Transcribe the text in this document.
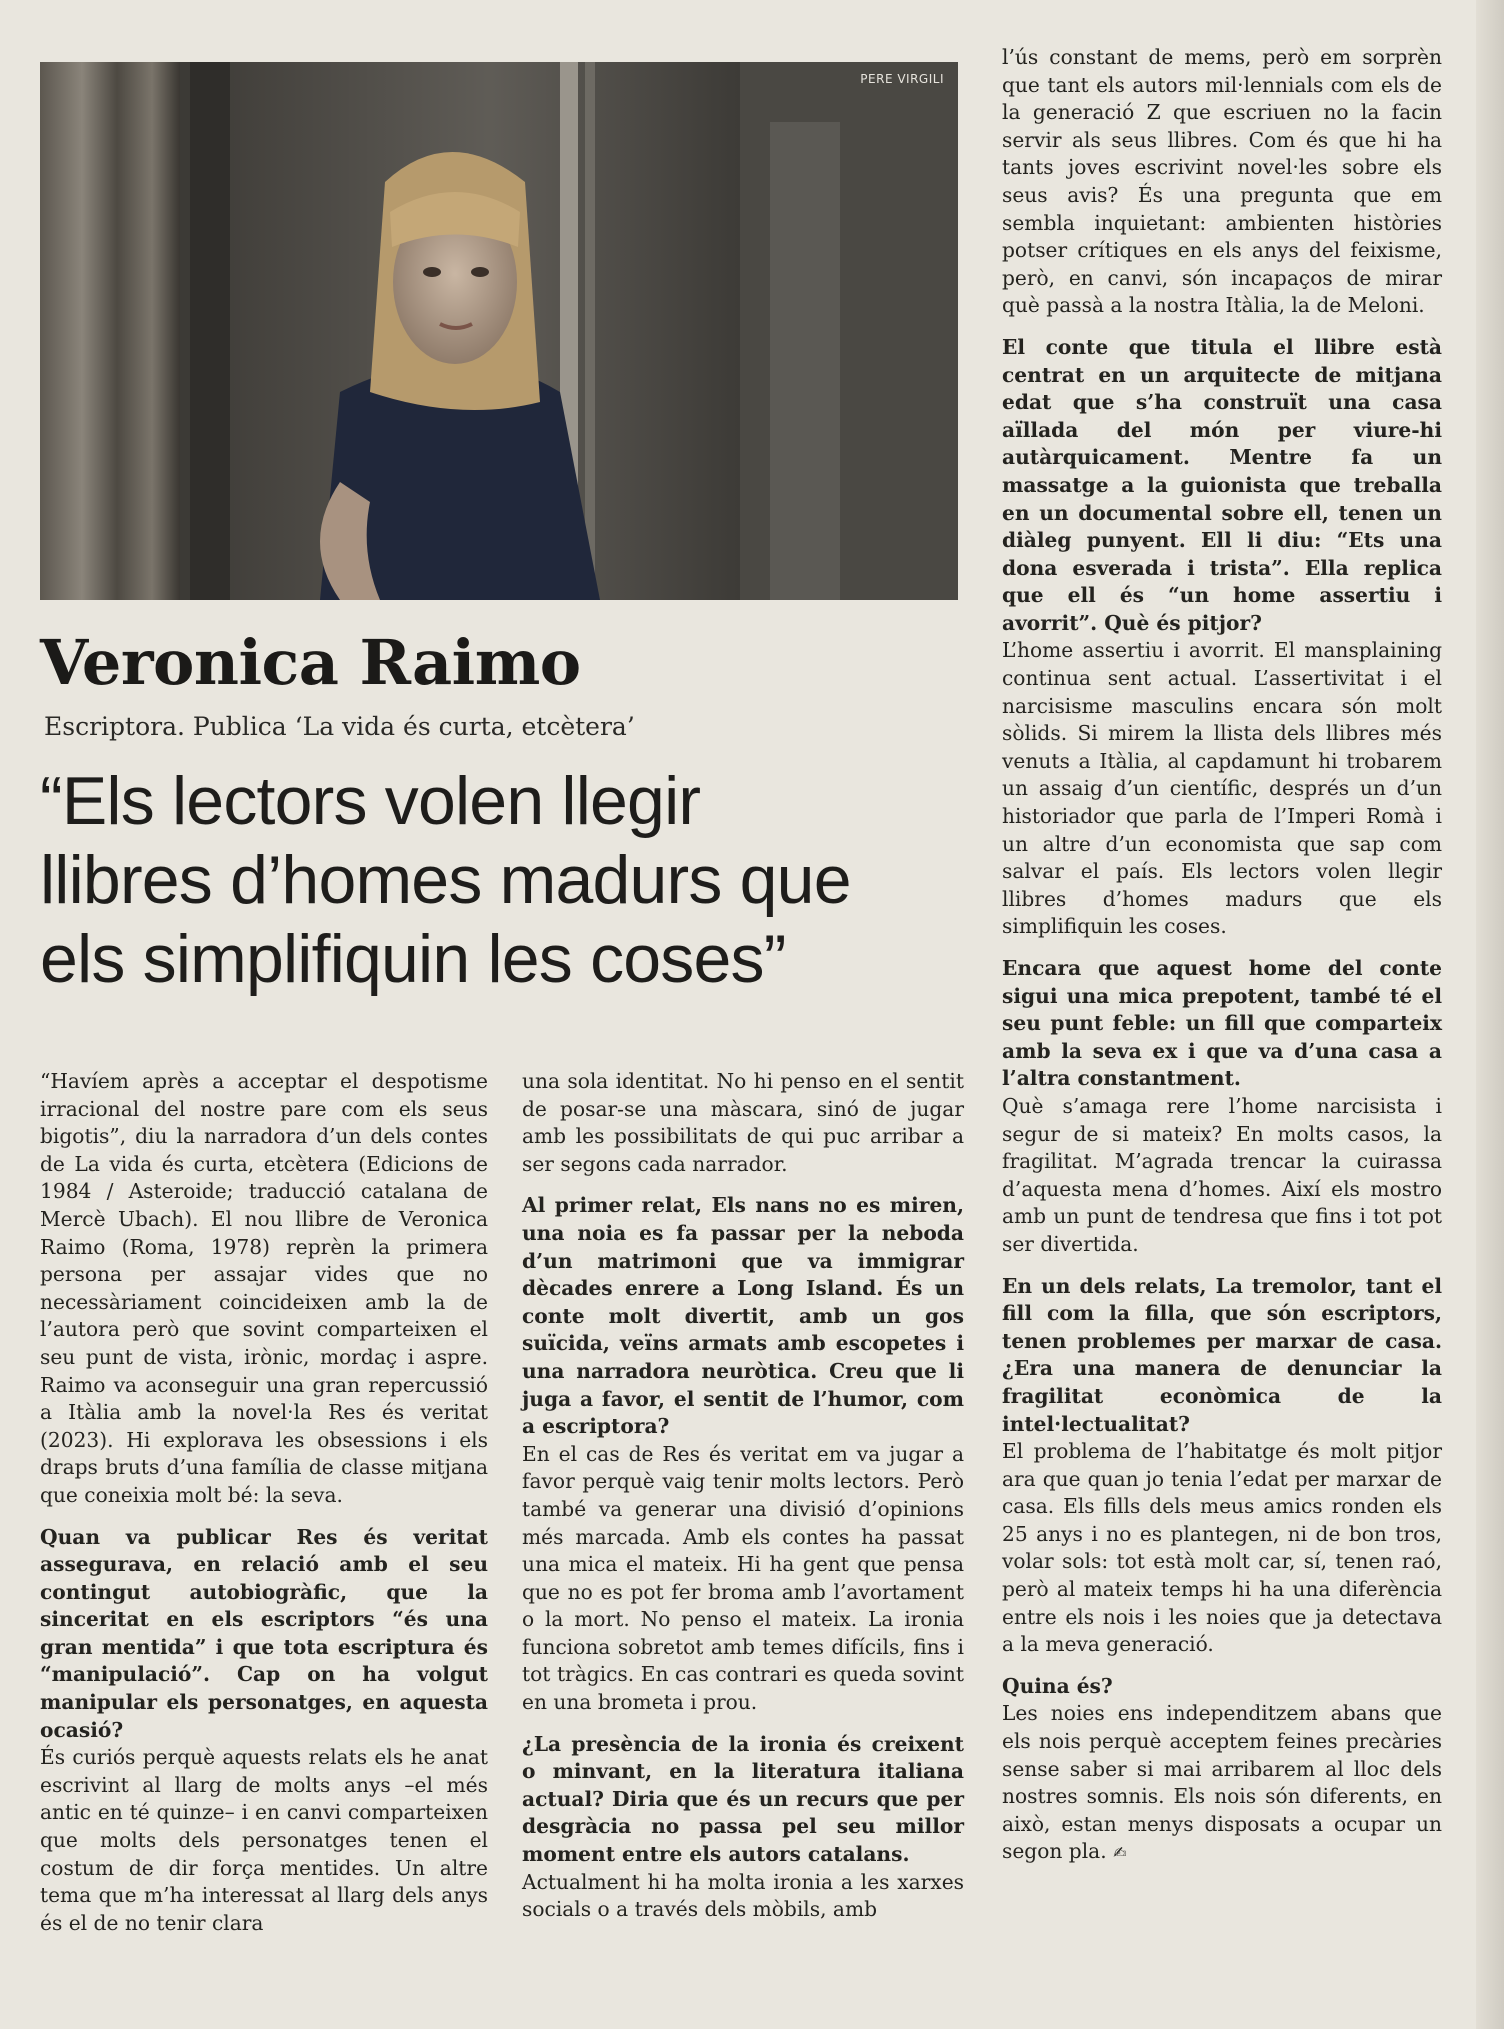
PERE VIRGILI
Veronica Raimo
Escriptora. Publica ‘La vida és curta, etcètera’
“Els lectors volen llegir
llibres d’homes madurs que
els simplifiquin les coses”

“Havíem après a acceptar el despotisme irracional del nostre pare com els seus bigotis”, diu la narradora d’un dels contes de La vida és curta, etcètera (Edicions de 1984 / Asteroide; traducció catalana de Mercè Ubach). El nou llibre de Veronica Raimo (Roma, 1978) reprèn la primera persona per assajar vides que no necessàriament coincideixen amb la de l’autora però que sovint comparteixen el seu punt de vista, irònic, mordaç i aspre. Raimo va aconseguir una gran repercussió a Itàlia amb la novel·la Res és veritat (2023). Hi explorava les obsessions i els draps bruts d’una família de classe mitjana que coneixia molt bé: la seva.

Quan va publicar Res és veritat assegurava, en relació amb el seu contingut autobiogràfic, que la sinceritat en els escriptors “és una gran mentida” i que tota escriptura és “manipulació”. Cap on ha volgut manipular els personatges, en aquesta ocasió?

És curiós perquè aquests relats els he anat escrivint al llarg de molts anys –el més antic en té quinze– i en canvi comparteixen que molts dels personatges tenen el costum de dir força mentides. Un altre tema que m’ha interessat al llarg dels anys és el de no tenir clara

una sola identitat. No hi penso en el sentit de posar-se una màscara, sinó de jugar amb les possibilitats de qui puc arribar a ser segons cada narrador.

Al primer relat, Els nans no es miren, una noia es fa passar per la neboda d’un matrimoni que va immigrar dècades enrere a Long Island. És un conte molt divertit, amb un gos suïcida, veïns armats amb escopetes i una narradora neuròtica. Creu que li juga a favor, el sentit de l’humor, com a escriptora?

En el cas de Res és veritat em va jugar a favor perquè vaig tenir molts lectors. Però també va generar una divisió d’opinions més marcada. Amb els contes ha passat una mica el mateix. Hi ha gent que pensa que no es pot fer broma amb l’avortament o la mort. No penso el mateix. La ironia funciona sobretot amb temes difícils, fins i tot tràgics. En cas contrari es queda sovint en una brometa i prou.

¿La presència de la ironia és creixent o minvant, en la literatura italiana actual? Diria que és un recurs que per desgràcia no passa pel seu millor moment entre els autors catalans.

Actualment hi ha molta ironia a les xarxes socials o a través dels mòbils, amb

l’ús constant de mems, però em sorprèn que tant els autors mil·lennials com els de la generació Z que escriuen no la facin servir als seus llibres. Com és que hi ha tants joves escrivint novel·les sobre els seus avis? És una pregunta que em sembla inquietant: ambienten històries potser crítiques en els anys del feixisme, però, en canvi, són incapaços de mirar què passà a la nostra Itàlia, la de Meloni.

El conte que titula el llibre està centrat en un arquitecte de mitjana edat que s’ha construït una casa aïllada del món per viure-hi autàrquicament. Mentre fa un massatge a la guionista que treballa en un documental sobre ell, tenen un diàleg punyent. Ell li diu: “Ets una dona esverada i trista”. Ella replica que ell és “un home assertiu i avorrit”. Què és pitjor?

L’home assertiu i avorrit. El mansplaining continua sent actual. L’assertivitat i el narcisisme masculins encara són molt sòlids. Si mirem la llista dels llibres més venuts a Itàlia, al capdamunt hi trobarem un assaig d’un científic, després un d’un historiador que parla de l’Imperi Romà i un altre d’un economista que sap com salvar el país. Els lectors volen llegir llibres d’homes madurs que els simplifiquin les coses.

Encara que aquest home del conte sigui una mica prepotent, també té el seu punt feble: un fill que comparteix amb la seva ex i que va d’una casa a l’altra constantment.

Què s’amaga rere l’home narcisista i segur de si mateix? En molts casos, la fragilitat. M’agrada trencar la cuirassa d’aquesta mena d’homes. Així els mostro amb un punt de tendresa que fins i tot pot ser divertida.

En un dels relats, La tremolor, tant el fill com la filla, que són escriptors, tenen problemes per marxar de casa. ¿Era una manera de denunciar la fragilitat econòmica de la intel·lectualitat?

El problema de l’habitatge és molt pitjor ara que quan jo tenia l’edat per marxar de casa. Els fills dels meus amics ronden els 25 anys i no es plantegen, ni de bon tros, volar sols: tot està molt car, sí, tenen raó, però al mateix temps hi ha una diferència entre els nois i les noies que ja detectava a la meva generació.

Quina és?

Les noies ens independitzem abans que els nois perquè acceptem feines precàries sense saber si mai arribarem al lloc dels nostres somnis. Els nois són diferents, en això, estan menys disposats a ocupar un segon pla. ✍
